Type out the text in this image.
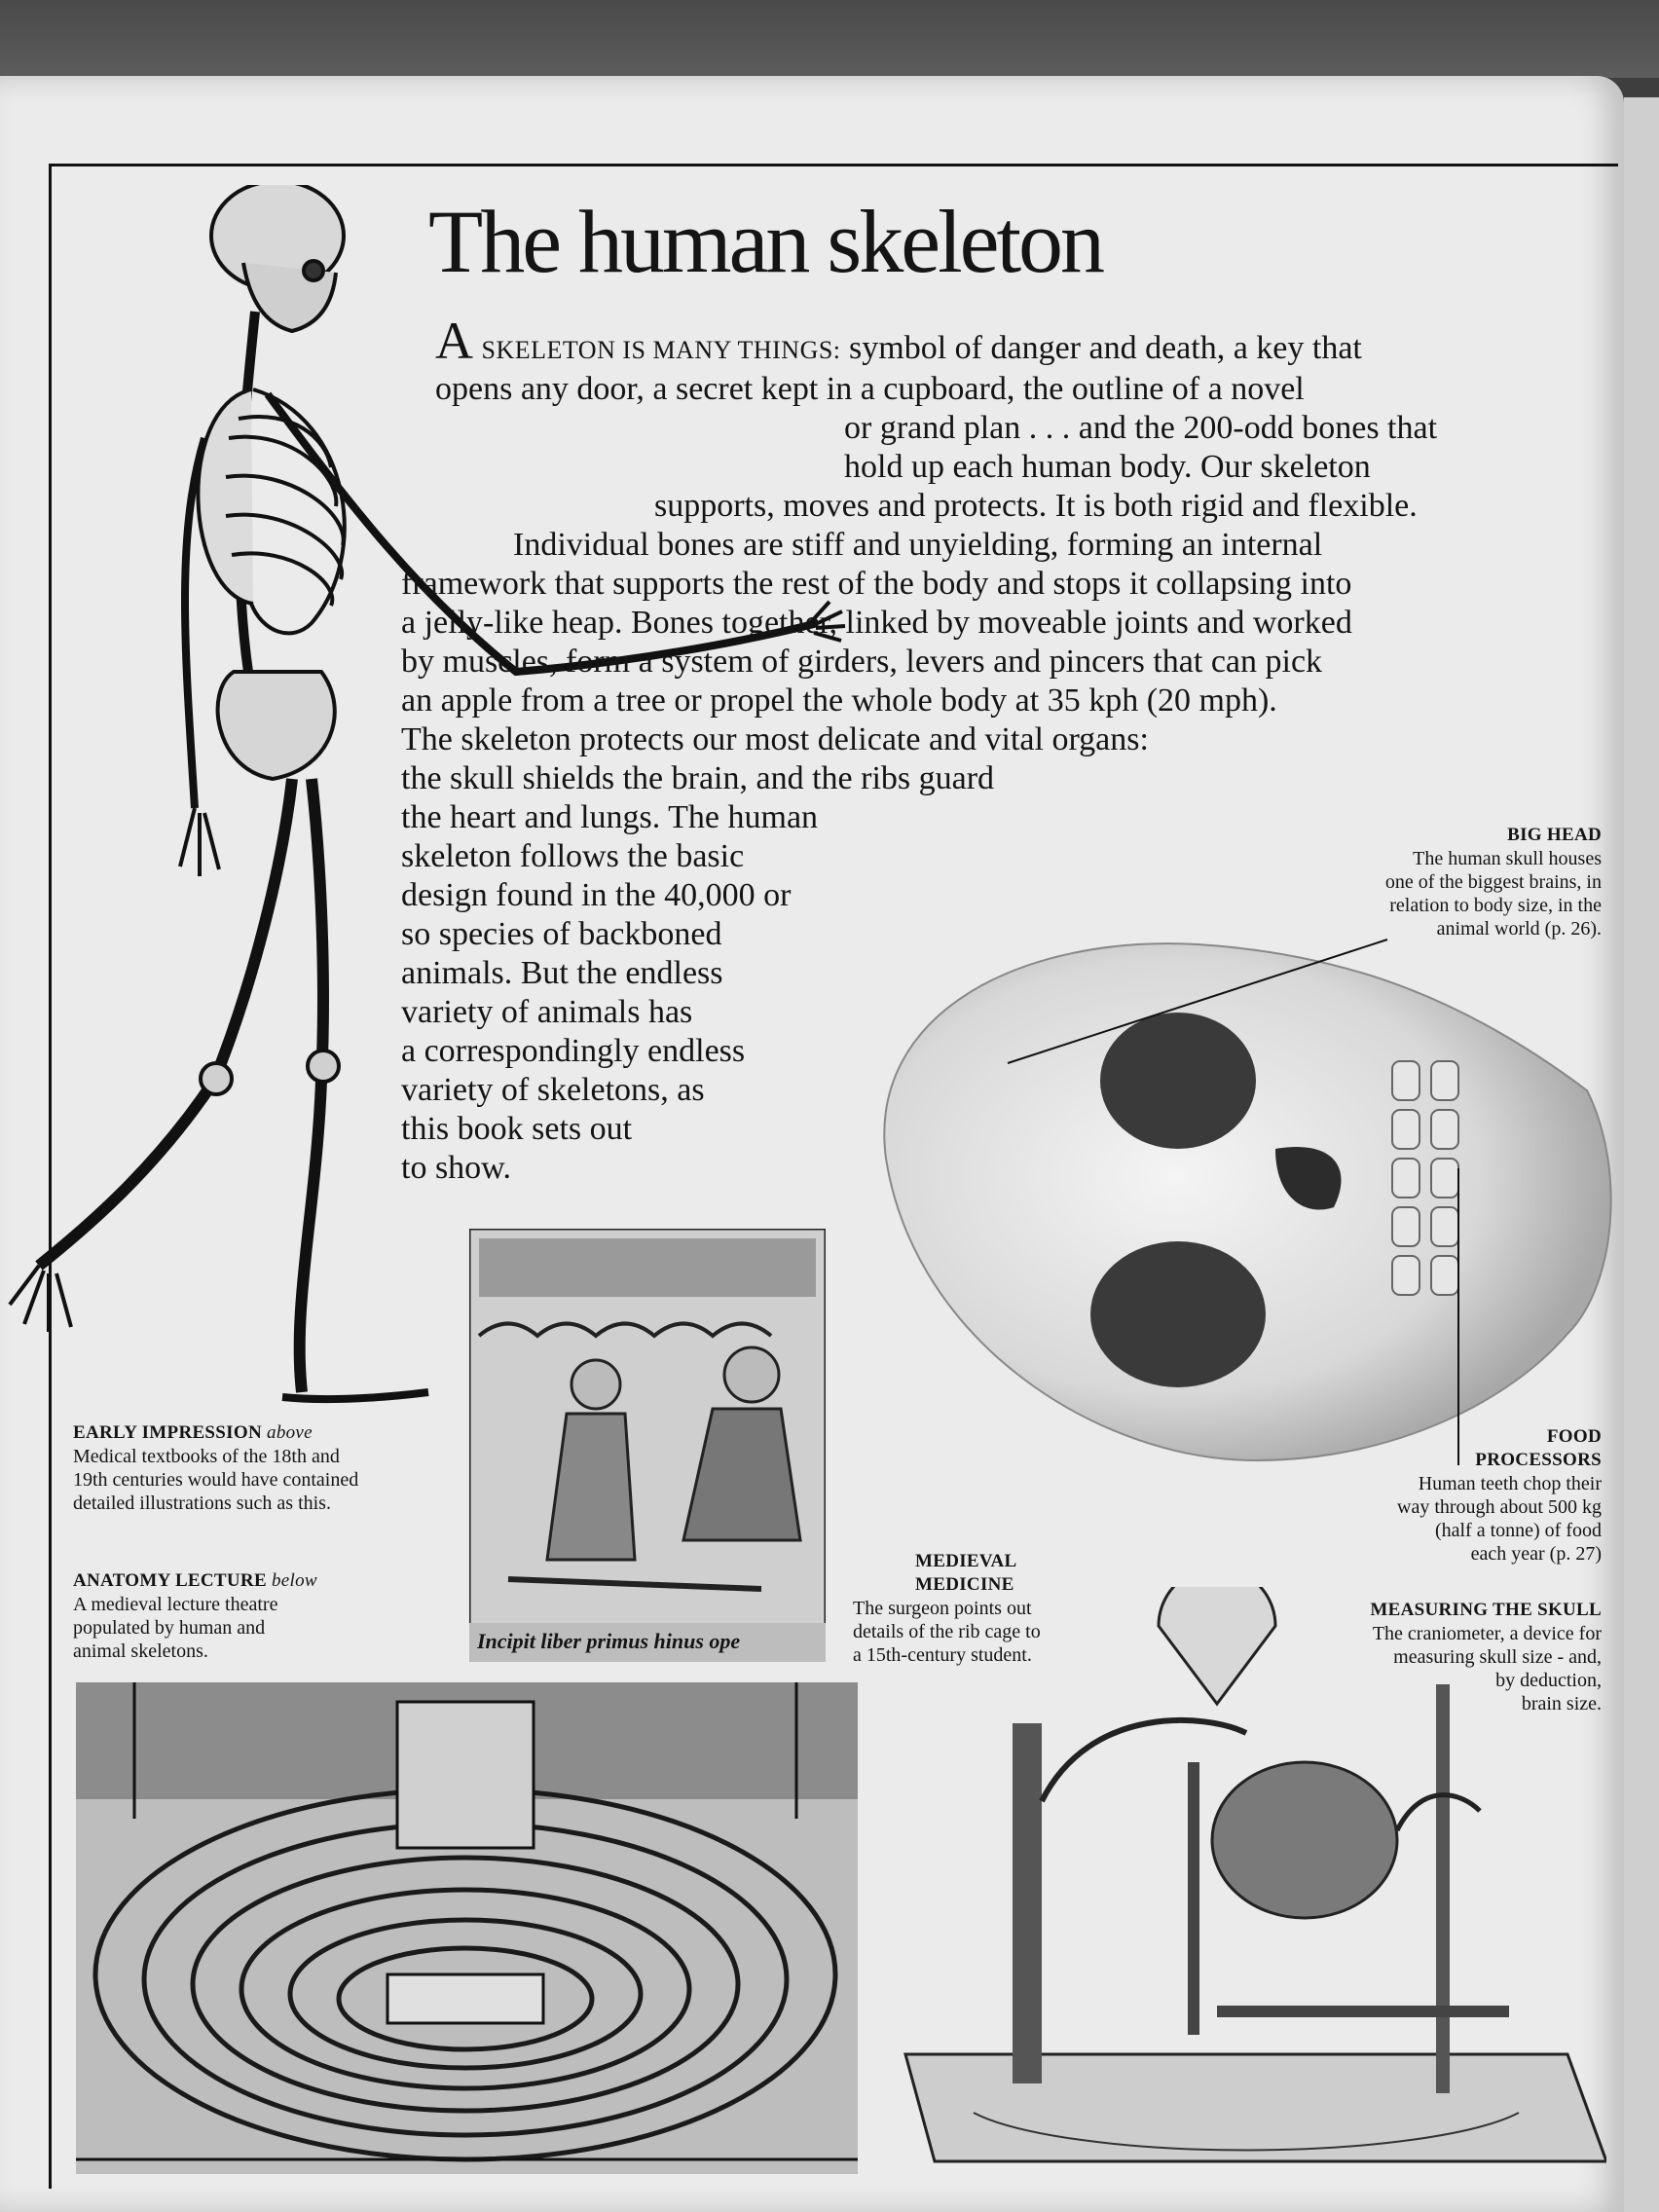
The human skeleton

A SKELETON IS MANY THINGS: symbol of danger and death, a key that
opens any door, a secret kept in a cupboard, the outline of a novel
or grand plan . . . and the 200-odd bones that
hold up each human body. Our skeleton
supports, moves and protects. It is both rigid and flexible.
Individual bones are stiff and unyielding, forming an internal
framework that supports the rest of the body and stops it collapsing into
a jelly-like heap. Bones together, linked by moveable joints and worked
by muscles, form a system of girders, levers and pincers that can pick
an apple from a tree or propel the whole body at 35 kph (20 mph).
The skeleton protects our most delicate and vital organs:
the skull shields the brain, and the ribs guard
the heart and lungs. The human
skeleton follows the basic
design found in the 40,000 or
so species of backboned
animals. But the endless
variety of animals has
a correspondingly endless
variety of skeletons, as
this book sets out
to show.

Incipit liber primus hinus ope
EARLY IMPRESSION above
Medical textbooks of the 18th and
19th centuries would have contained
detailed illustrations such as this.
ANATOMY LECTURE below
A medieval lecture theatre
populated by human and
animal skeletons.
MEDIEVAL
MEDICINE
The surgeon points out
details of the rib cage to
a 15th-century student.
BIG HEAD
The human skull houses
one of the biggest brains, in
relation to body size, in the
animal world (p. 26).
FOOD
PROCESSORS
Human teeth chop their
way through about 500 kg
(half a tonne) of food
each year (p. 27)
MEASURING THE SKULL
The craniometer, a device for
measuring skull size - and,
by deduction,
brain size.
